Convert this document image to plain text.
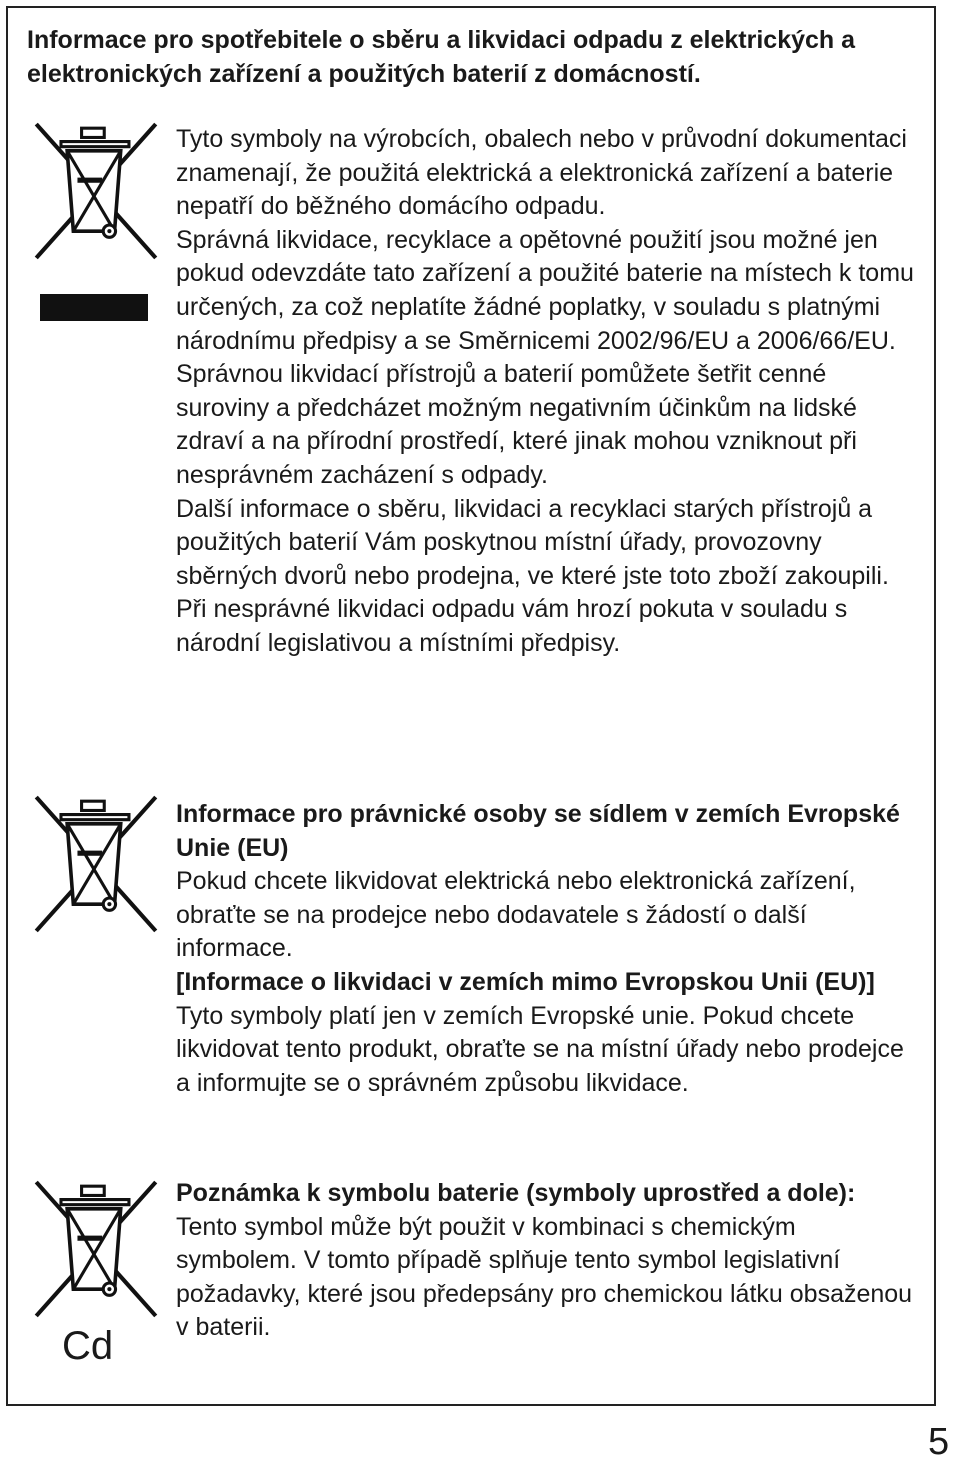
Informace pro spotřebitele o sběru a likvidaci odpadu z elektrických a elektronických zařízení a použitých baterií z domácností.

Cd

Tyto symboly na výrobcích, obalech nebo v průvodní dokumentaci znamenají, že použitá elektrická a elektronická zařízení a baterie nepatří do běžného domácího odpadu.

Správná likvidace, recyklace a opětovné použití jsou možné jen pokud odevzdáte tato zařízení a použité baterie na místech k tomu určených, za což neplatíte žádné poplatky, v souladu s platnými národnímu předpisy a se Směrnicemi 2002/96/EU a 2006/66/EU.

Správnou likvidací přístrojů a baterií pomůžete šetřit cenné suroviny a předcházet možným negativním účinkům na lidské zdraví a na přírodní prostředí, které jinak mohou vzniknout při nesprávném zacházení s odpady.

Další informace o sběru, likvidaci a recyklaci starých přístrojů a použitých baterií Vám poskytnou místní úřady, provozovny sběrných dvorů nebo prodejna, ve které jste toto zboží zakoupili.

Při nesprávné likvidaci odpadu vám hrozí pokuta v souladu s národní legislativou a místními předpisy.

Informace pro právnické osoby se sídlem v zemích Evropské Unie (EU)

Pokud chcete likvidovat elektrická nebo elektronická zařízení, obraťte se na prodejce nebo dodavatele s žádostí o další informace.

[Informace o likvidaci v zemích mimo Evropskou Unii (EU)]

Tyto symboly platí jen v zemích Evropské unie. Pokud chcete likvidovat tento produkt, obraťte se na místní úřady nebo prodejce a informujte se o správném způsobu likvidace.

Poznámka k symbolu baterie (symboly uprostřed a dole):

Tento symbol může být použit v kombinaci s chemickým symbolem. V tomto případě splňuje tento symbol legislativní požadavky, které jsou předepsány pro chemickou látku obsaženou v baterii.

5
